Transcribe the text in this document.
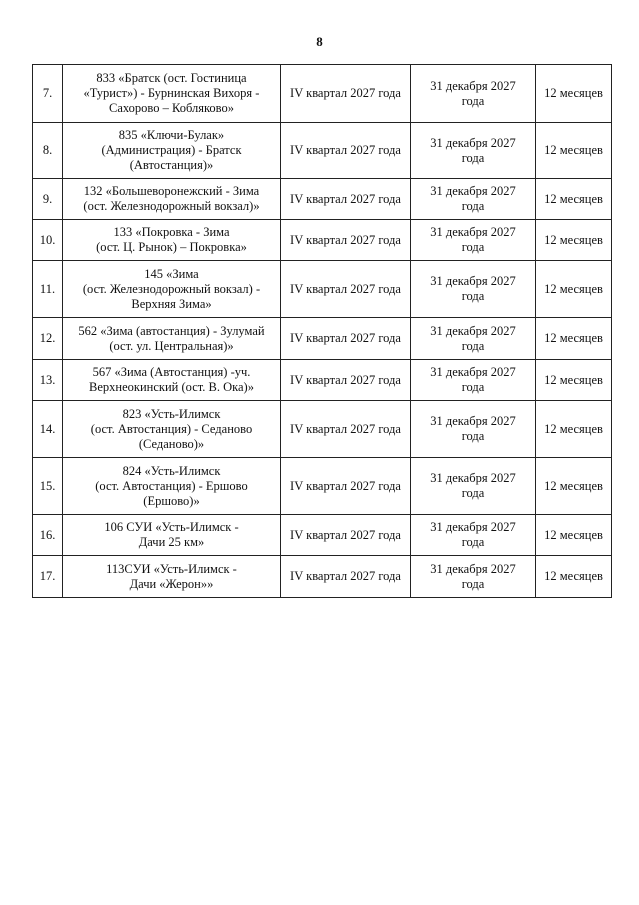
8
7.	833 «Братск (ост. Гостиница
«Турист») - Бурнинская Вихоря -
Сахорово – Кобляково»	IV квартал 2027 года	31 декабря 2027
года	12 месяцев
8.	835 «Ключи-Булак»
(Администрация) - Братск
(Автостанция)»	IV квартал 2027 года	31 декабря 2027
года	12 месяцев
9.	132 «Большеворонежский - Зима
(ост. Железнодорожный вокзал)»	IV квартал 2027 года	31 декабря 2027
года	12 месяцев
10.	133 «Покровка - Зима
(ост. Ц. Рынок) – Покровка»	IV квартал 2027 года	31 декабря 2027
года	12 месяцев
11.	145 «Зима
(ост. Железнодорожный вокзал) -
Верхняя Зима»	IV квартал 2027 года	31 декабря 2027
года	12 месяцев
12.	562 «Зима (автостанция) - Зулумай
(ост. ул. Центральная)»	IV квартал 2027 года	31 декабря 2027
года	12 месяцев
13.	567 «Зима (Автостанция) -уч.
Верхнеокинский (ост. В. Ока)»	IV квартал 2027 года	31 декабря 2027
года	12 месяцев
14.	823 «Усть-Илимск
(ост. Автостанция) - Седаново
(Седаново)»	IV квартал 2027 года	31 декабря 2027
года	12 месяцев
15.	824 «Усть-Илимск
(ост. Автостанция) - Ершово
(Ершово)»	IV квартал 2027 года	31 декабря 2027
года	12 месяцев
16.	106 СУИ «Усть-Илимск -
Дачи 25 км»	IV квартал 2027 года	31 декабря 2027
года	12 месяцев
17.	113СУИ «Усть-Илимск -
Дачи «Жерон»»	IV квартал 2027 года	31 декабря 2027
года	12 месяцев
